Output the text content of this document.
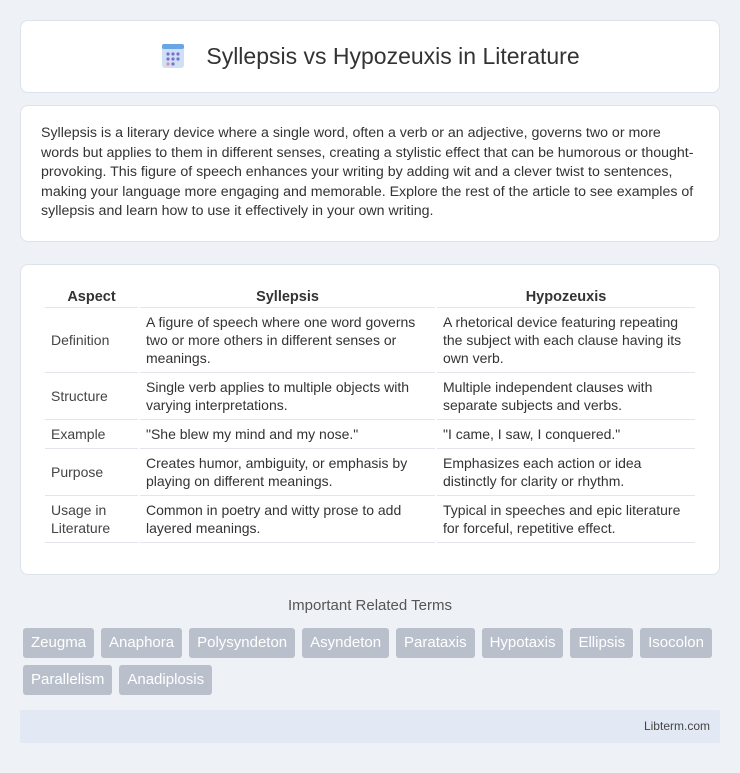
Syllepsis vs Hypozeuxis in Literature

Syllepsis is a literary device where a single word, often a verb or an adjective, governs two or more words but applies to them in different senses, creating a stylistic effect that can be humorous or thought-provoking. This figure of speech enhances your writing by adding wit and a clever twist to sentences, making your language more engaging and memorable. Explore the rest of the article to see examples of syllepsis and learn how to use it effectively in your own writing.

Aspect	Syllepsis	Hypozeuxis
Definition	A figure of speech where one word governs two or more others in different senses or meanings.	A rhetorical device featuring repeating the subject with each clause having its own verb.
Structure	Single verb applies to multiple objects with varying interpretations.	Multiple independent clauses with separate subjects and verbs.
Example	"She blew my mind and my nose."	"I came, I saw, I conquered."
Purpose	Creates humor, ambiguity, or emphasis by playing on different meanings.	Emphasizes each action or idea distinctly for clarity or rhythm.
Usage in Literature	Common in poetry and witty prose to add layered meanings.	Typical in speeches and epic literature for forceful, repetitive effect.
Important Related Terms
Zeugma	Anaphora	Polysyndeton	Asyndeton	Parataxis	Hypotaxis	Ellipsis	Isocolon
Parallelism	Anadiplosis
Libterm.com
